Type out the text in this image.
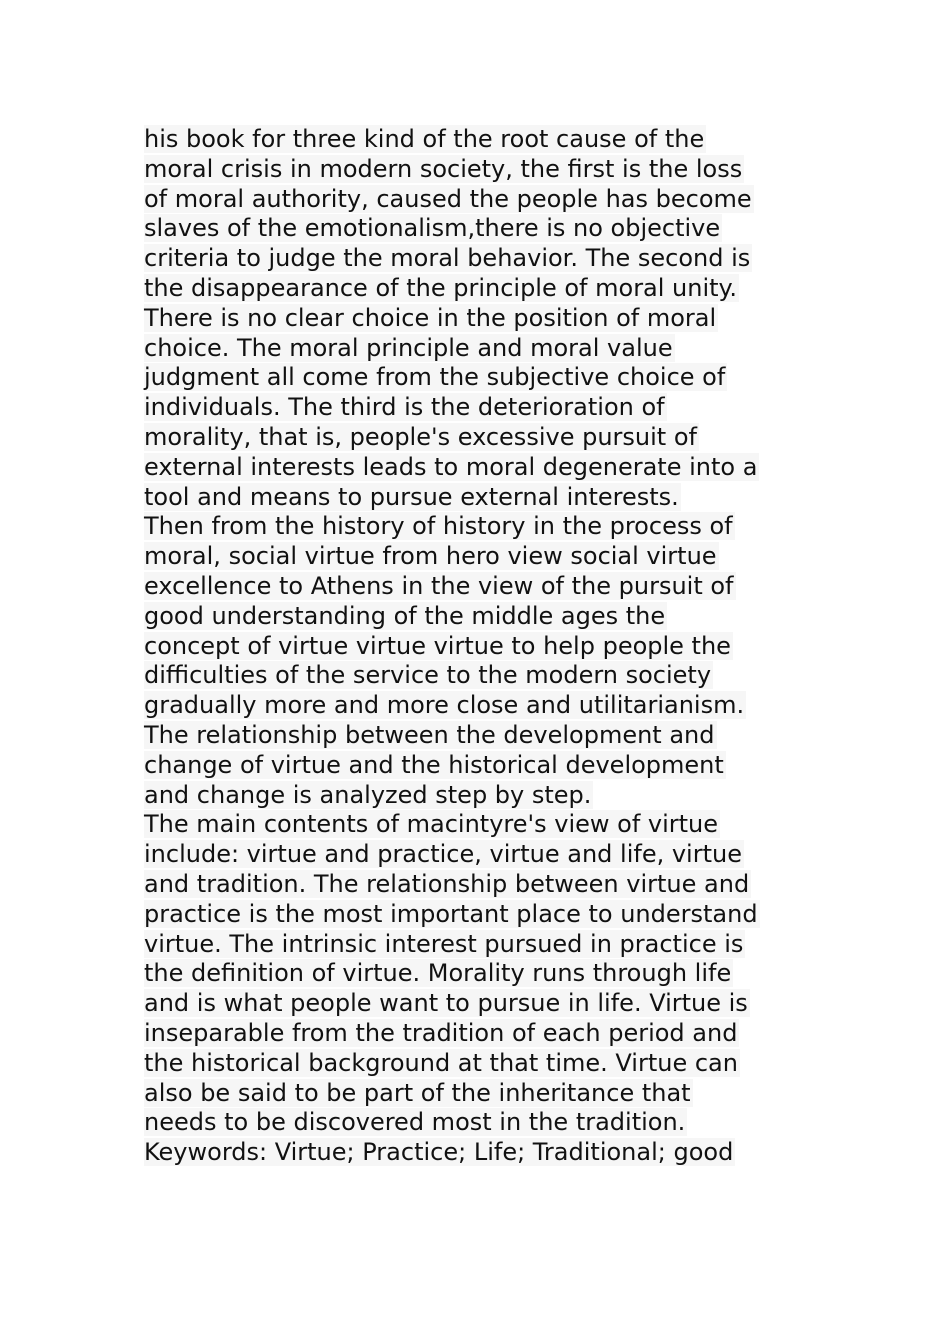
his book for three kind of the root cause of the
moral crisis in modern society, the first is the loss
of moral authority, caused the people has become
slaves of the emotionalism,there is no objective
criteria to judge the moral behavior. The second is
the disappearance of the principle of moral unity.
There is no clear choice in the position of moral
choice. The moral principle and moral value
judgment all come from the subjective choice of
individuals. The third is the deterioration of
morality, that is, people's excessive pursuit of
external interests leads to moral degenerate into a
tool and means to pursue external interests.
Then from the history of history in the process of
moral, social virtue from hero view social virtue
excellence to Athens in the view of the pursuit of
good understanding of the middle ages the
concept of virtue virtue virtue to help people the
difficulties of the service to the modern society
gradually more and more close and utilitarianism.
The relationship between the development and
change of virtue and the historical development
and change is analyzed step by step.
The main contents of macintyre's view of virtue
include: virtue and practice, virtue and life, virtue
and tradition. The relationship between virtue and
practice is the most important place to understand
virtue. The intrinsic interest pursued in practice is
the definition of virtue. Morality runs through life
and is what people want to pursue in life. Virtue is
inseparable from the tradition of each period and
the historical background at that time. Virtue can
also be said to be part of the inheritance that
needs to be discovered most in the tradition.
Keywords: Virtue; Practice; Life; Traditional; good
